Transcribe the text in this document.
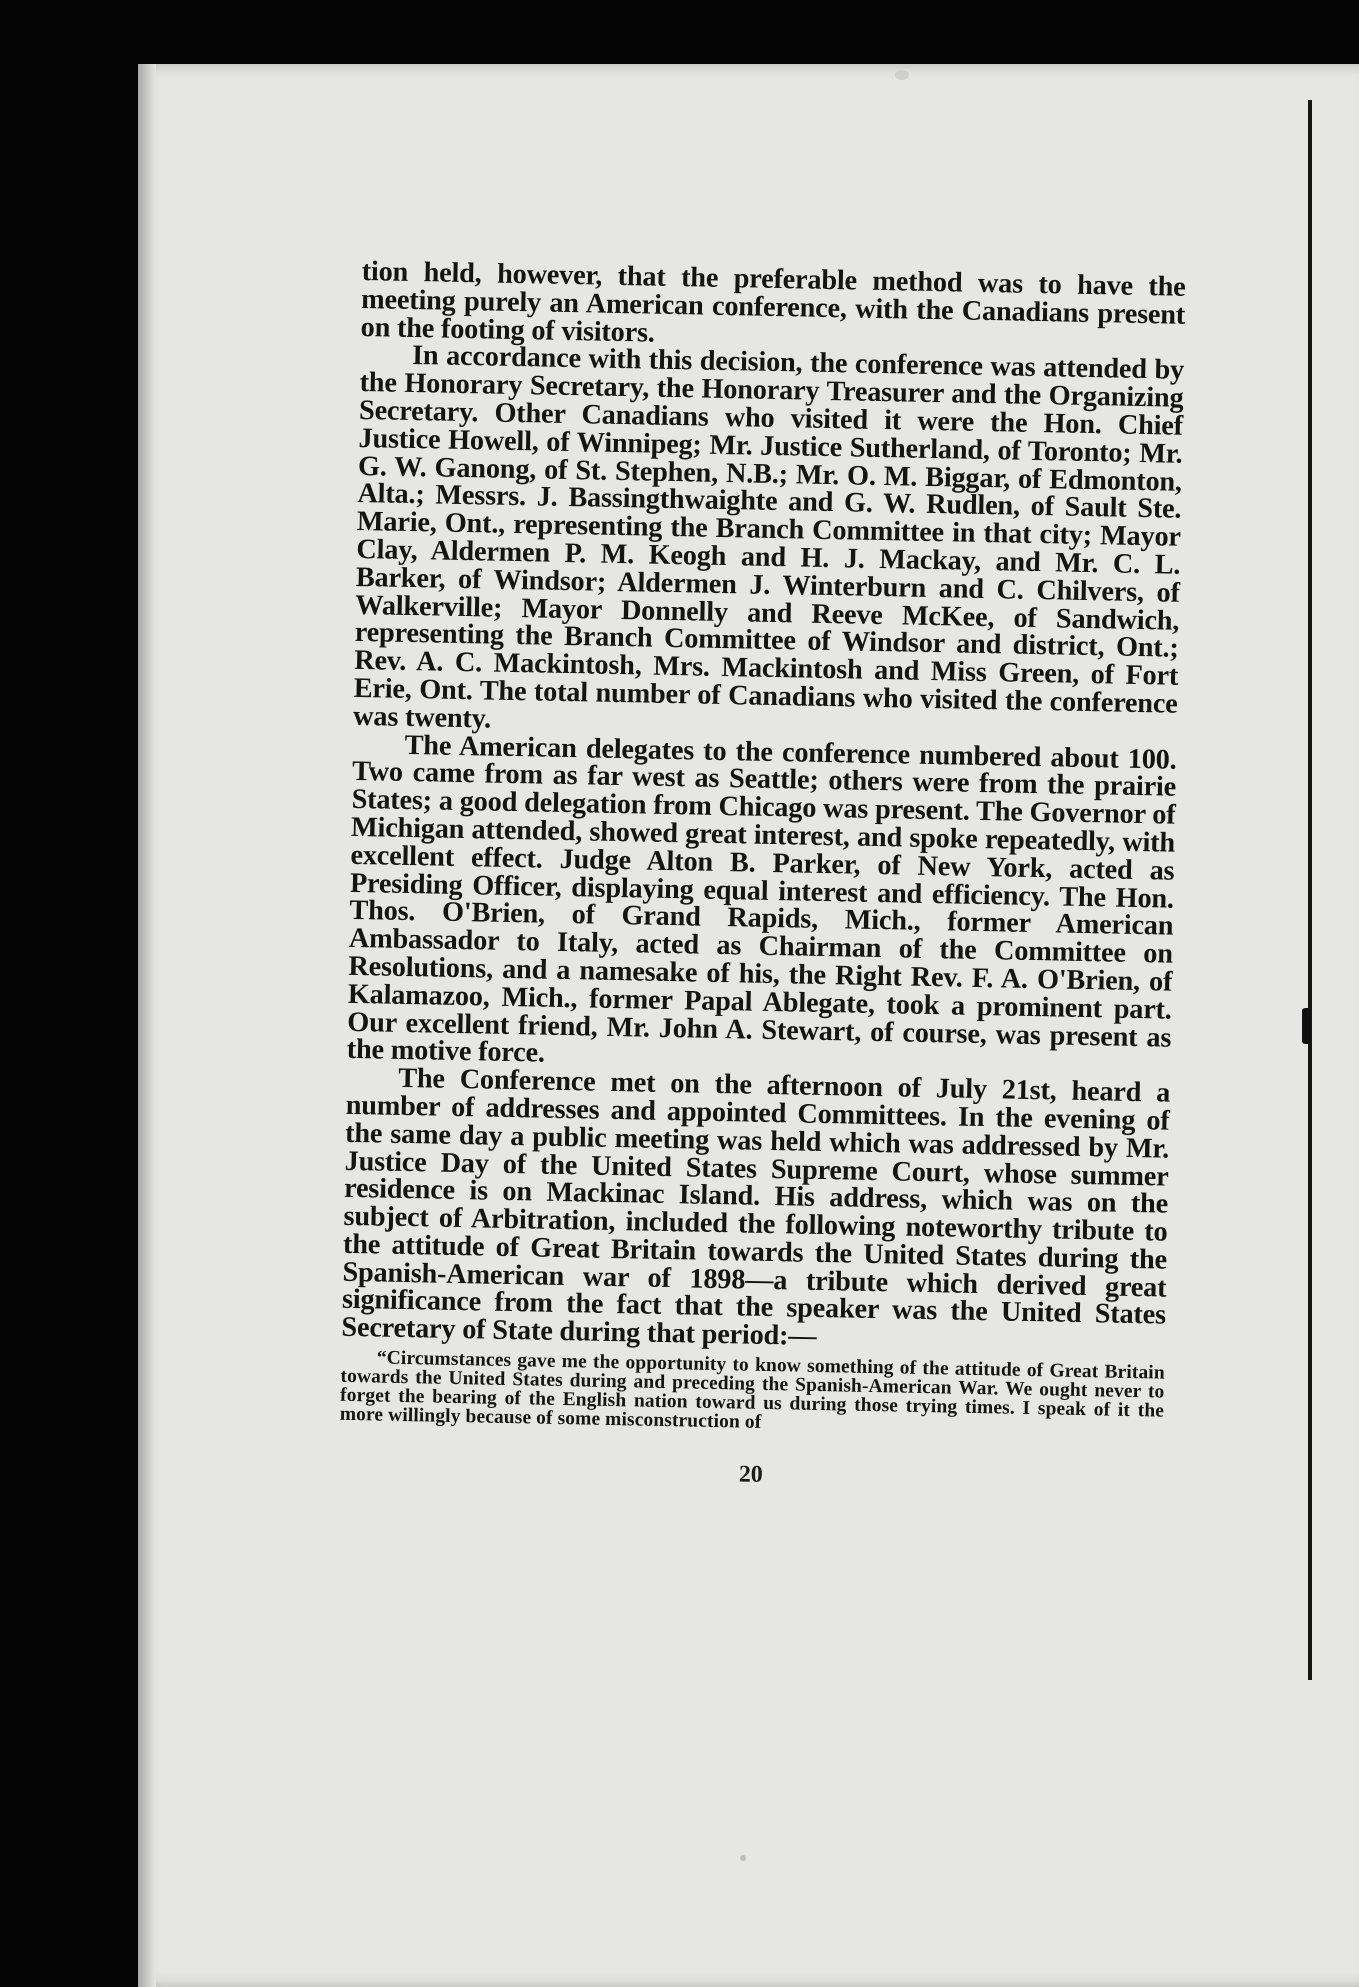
tion held, however, that the preferable method was to have the meeting purely an American conference, with the Canadians present on the footing of visitors.

In accordance with this decision, the conference was attended by the Honorary Secretary, the Honorary Treasurer and the Organizing Secretary. Other Canadians who visited it were the Hon. Chief Justice Howell, of Winnipeg; Mr. Justice Sutherland, of Toronto; Mr. G. W. Ganong, of St. Stephen, N.B.; Mr. O. M. Biggar, of Edmonton, Alta.; Messrs. J. Bassingthwaighte and G. W. Rudlen, of Sault Ste. Marie, Ont., representing the Branch Committee in that city; Mayor Clay, Aldermen P. M. Keogh and H. J. Mackay, and Mr. C. L. Barker, of Windsor; Aldermen J. Winterburn and C. Chilvers, of Walkerville; Mayor Donnelly and Reeve McKee, of Sandwich, representing the Branch Committee of Windsor and district, Ont.; Rev. A. C. Mackintosh, Mrs. Mackintosh and Miss Green, of Fort Erie, Ont. The total number of Canadians who visited the conference was twenty.

The American delegates to the conference numbered about 100. Two came from as far west as Seattle; others were from the prairie States; a good delegation from Chicago was present. The Governor of Michigan attended, showed great interest, and spoke repeatedly, with excellent effect. Judge Alton B. Parker, of New York, acted as Presiding Officer, displaying equal interest and efficiency. The Hon. Thos. O'Brien, of Grand Rapids, Mich., former American Ambassador to Italy, acted as Chairman of the Committee on Resolutions, and a namesake of his, the Right Rev. F. A. O'Brien, of Kalamazoo, Mich., former Papal Ablegate, took a prominent part. Our excellent friend, Mr. John A. Stewart, of course, was present as the motive force.

The Conference met on the afternoon of July 21st, heard a number of addresses and appointed Committees. In the evening of the same day a public meeting was held which was addressed by Mr. Justice Day of the United States Supreme Court, whose summer residence is on Mackinac Island. His address, which was on the subject of Arbitration, included the following noteworthy tribute to the attitude of Great Britain towards the United States during the Spanish-American war of 1898—a tribute which derived great significance from the fact that the speaker was the United States Secretary of State during that period:—

“Circumstances gave me the opportunity to know something of the attitude of Great Britain towards the United States during and preceding the Spanish-American War. We ought never to forget the bearing of the English nation toward us during those trying times. I speak of it the more willingly because of some misconstruction of

20
